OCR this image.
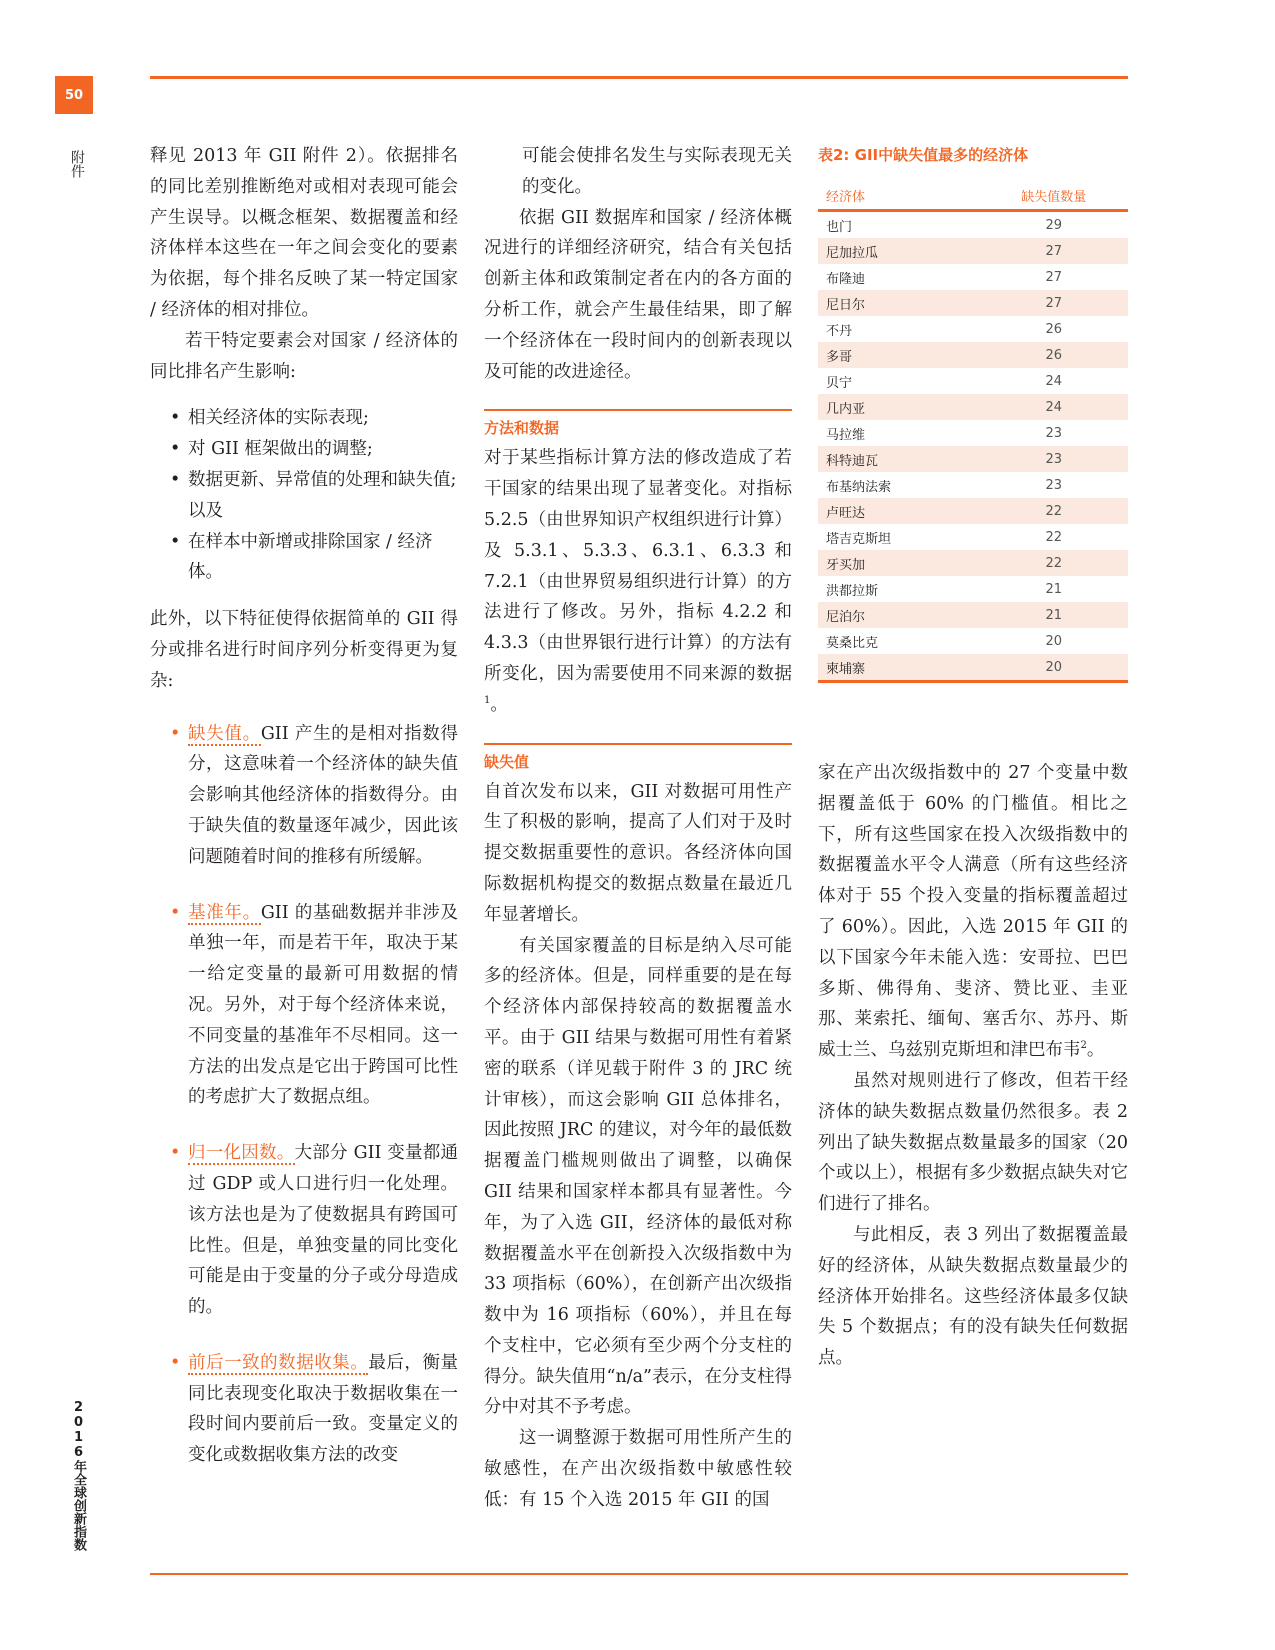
50
附件
2016年全球创新指数

释见 2013 年 GII 附件 2）。依据排名的同比差别推断绝对或相对表现可能会产生误导。以概念框架、数据覆盖和经济体样本这些在一年之间会变化的要素为依据，每个排名反映了某一特定国家 / 经济体的相对排位。

若干特定要素会对国家 / 经济体的同比排名产生影响:

• 相关经济体的实际表现;
• 对 GII 框架做出的调整;
• 数据更新、异常值的处理和缺失值; 以及
• 在样本中新增或排除国家 / 经济体。

此外，以下特征使得依据简单的 GII 得分或排名进行时间序列分析变得更为复杂:

• 缺失值。GII 产生的是相对指数得分，这意味着一个经济体的缺失值会影响其他经济体的指数得分。由于缺失值的数量逐年减少，因此该问题随着时间的推移有所缓解。
• 基准年。GII 的基础数据并非涉及单独一年，而是若干年，取决于某一给定变量的最新可用数据的情况。另外，对于每个经济体来说，不同变量的基准年不尽相同。这一方法的出发点是它出于跨国可比性的考虑扩大了数据点组。
• 归一化因数。大部分 GII 变量都通过 GDP 或人口进行归一化处理。该方法也是为了使数据具有跨国可比性。但是，单独变量的同比变化可能是由于变量的分子或分母造成的。
• 前后一致的数据收集。最后，衡量同比表现变化取决于数据收集在一段时间内要前后一致。变量定义的变化或数据收集方法的改变

可能会使排名发生与实际表现无关的变化。

依据 GII 数据库和国家 / 经济体概况进行的详细经济研究，结合有关包括创新主体和政策制定者在内的各方面的分析工作，就会产生最佳结果，即了解一个经济体在一段时间内的创新表现以及可能的改进途径。

方法和数据

对于某些指标计算方法的修改造成了若干国家的结果出现了显著变化。对指标 5.2.5（由世界知识产权组织进行计算）及 5.3.1、5.3.3、6.3.1、6.3.3 和 7.2.1（由世界贸易组织进行计算）的方法进行了修改。另外，指标 4.2.2 和 4.3.3（由世界银行进行计算）的方法有所变化，因为需要使用不同来源的数据$^1$。

缺失值

自首次发布以来，GII 对数据可用性产生了积极的影响，提高了人们对于及时提交数据重要性的意识。各经济体向国际数据机构提交的数据点数量在最近几年显著增长。

有关国家覆盖的目标是纳入尽可能多的经济体。但是，同样重要的是在每个经济体内部保持较高的数据覆盖水平。由于 GII 结果与数据可用性有着紧密的联系（详见载于附件 3 的 JRC 统计审核），而这会影响 GII 总体排名，因此按照 JRC 的建议，对今年的最低数据覆盖门槛规则做出了调整，以确保 GII 结果和国家样本都具有显著性。今年，为了入选 GII，经济体的最低对称数据覆盖水平在创新投入次级指数中为 33 项指标（60%），在创新产出次级指数中为 16 项指标（60%），并且在每个支柱中，它必须有至少两个分支柱的得分。缺失值用“n/a”表示，在分支柱得分中对其不予考虑。

这一调整源于数据可用性所产生的敏感性，在产出次级指数中敏感性较低：有 15 个入选 2015 年 GII 的国

表2: GII中缺失值最多的经济体
经济体	缺失值数量
也门	29
尼加拉瓜	27
布隆迪	27
尼日尔	27
不丹	26
多哥	26
贝宁	24
几内亚	24
马拉维	23
科特迪瓦	23
布基纳法索	23
卢旺达	22
塔吉克斯坦	22
牙买加	22
洪都拉斯	21
尼泊尔	21
莫桑比克	20
柬埔寨	20

家在产出次级指数中的 27 个变量中数据覆盖低于 60% 的门槛值。相比之下，所有这些国家在投入次级指数中的数据覆盖水平令人满意（所有这些经济体对于 55 个投入变量的指标覆盖超过了 60%）。因此，入选 2015 年 GII 的以下国家今年未能入选：安哥拉、巴巴多斯、佛得角、斐济、赞比亚、圭亚那、莱索托、缅甸、塞舌尔、苏丹、斯威士兰、乌兹别克斯坦和津巴布韦$^2$。

虽然对规则进行了修改，但若干经济体的缺失数据点数量仍然很多。表 2 列出了缺失数据点数量最多的国家（20 个或以上），根据有多少数据点缺失对它们进行了排名。

与此相反，表 3 列出了数据覆盖最好的经济体，从缺失数据点数量最少的经济体开始排名。这些经济体最多仅缺失 5 个数据点；有的没有缺失任何数据点。
